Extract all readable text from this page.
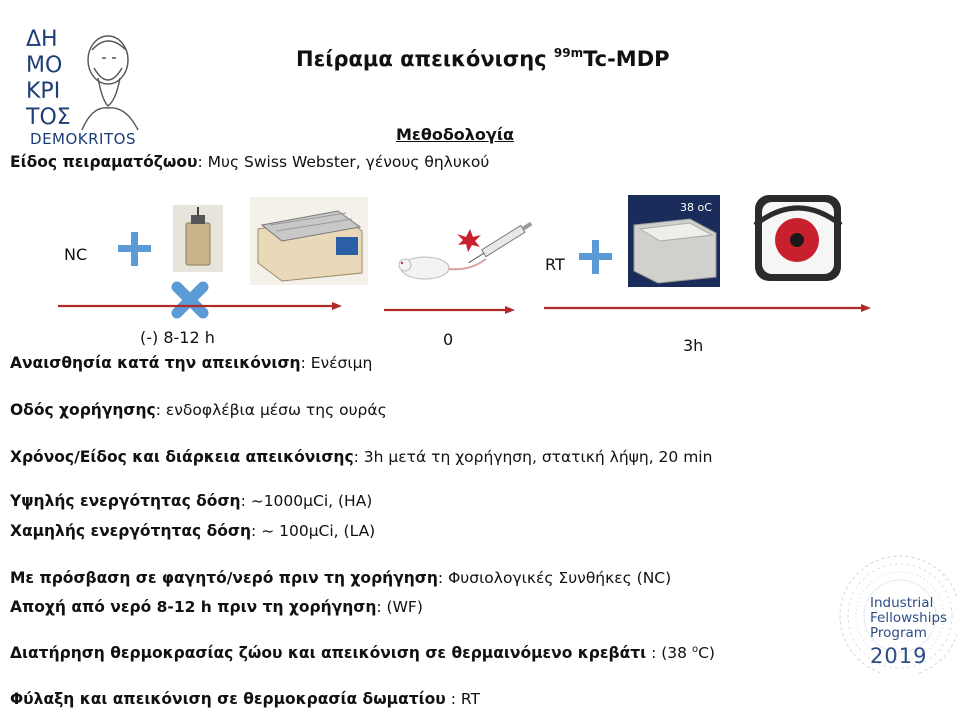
ΔΗ
ΜΟ
ΚΡΙ
ΤΟΣ
DEMOKRITOS
Πείραμα απεικόνισης $^{99m}$Tc-MDP
Μεθοδολογία
Είδος πειραματόζωου: Μυς Swiss Webster, γένους θηλυκού
38 oC
NC
RT
(-) 8-12 h	0	3h
Αναισθησία κατά την απεικόνιση: Ενέσιμη
Οδός χορήγησης: ενδοφλέβια μέσω της ουράς
Χρόνος/Είδος και διάρκεια απεικόνισης: 3h μετά τη χορήγηση, στατική λήψη, 20 min
Υψηλής ενεργότητας δόση: ~1000μCi, (HA)
Χαμηλής ενεργότητας δόση: ~ 100μCi, (LA)
Με πρόσβαση σε φαγητό/νερό πριν τη χορήγηση: Φυσιολογικές Συνθήκες (NC)
Αποχή από νερό 8-12 h πριν τη χορήγηση: (WF)
Διατήρηση θερμοκρασίας ζώου και απεικόνιση σε θερμαινόμενο κρεβάτι : (38 $^o$C)
Φύλαξη και απεικόνιση σε θερμοκρασία δωματίου : RT
Industrial
Fellowships
Program
2019
